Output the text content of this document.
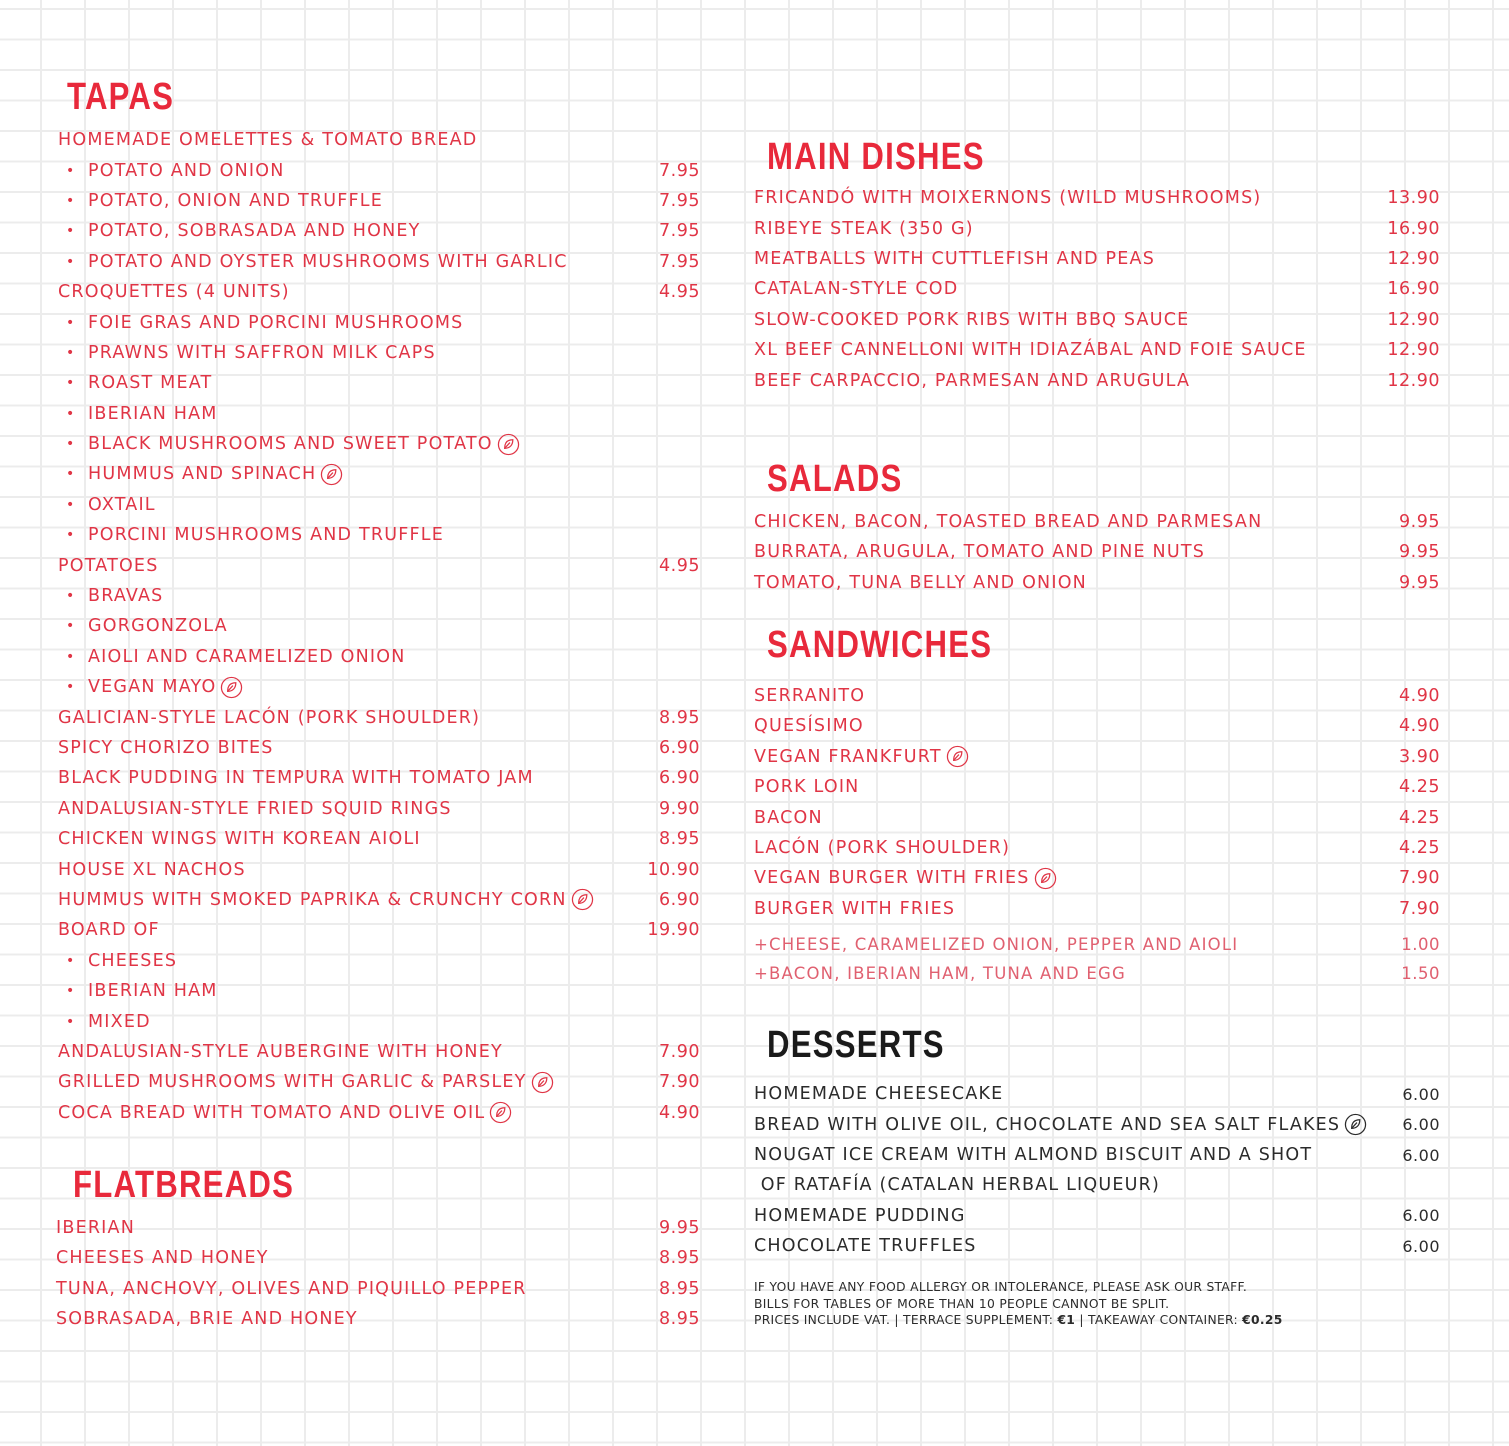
TAPAS
HOMEMADE OMELETTES & TOMATO BREAD
• POTATO AND ONION	7.95
• POTATO, ONION AND TRUFFLE	7.95
• POTATO, SOBRASADA AND HONEY	7.95
• POTATO AND OYSTER MUSHROOMS WITH GARLIC	7.95
CROQUETTES (4 UNITS)	4.95
• FOIE GRAS AND PORCINI MUSHROOMS
• PRAWNS WITH SAFFRON MILK CAPS
• ROAST MEAT
• IBERIAN HAM
• BLACK MUSHROOMS AND SWEET POTATO
• HUMMUS AND SPINACH
• OXTAIL
• PORCINI MUSHROOMS AND TRUFFLE
POTATOES	4.95
• BRAVAS
• GORGONZOLA
• AIOLI AND CARAMELIZED ONION
• VEGAN MAYO
GALICIAN-STYLE LACÓN (PORK SHOULDER)	8.95
SPICY CHORIZO BITES	6.90
BLACK PUDDING IN TEMPURA WITH TOMATO JAM	6.90
ANDALUSIAN-STYLE FRIED SQUID RINGS	9.90
CHICKEN WINGS WITH KOREAN AIOLI	8.95
HOUSE XL NACHOS	10.90
HUMMUS WITH SMOKED PAPRIKA & CRUNCHY CORN	6.90
BOARD OF	19.90
• CHEESES
• IBERIAN HAM
• MIXED
ANDALUSIAN-STYLE AUBERGINE WITH HONEY	7.90
GRILLED MUSHROOMS WITH GARLIC & PARSLEY	7.90
COCA BREAD WITH TOMATO AND OLIVE OIL	4.90
FLATBREADS
IBERIAN	9.95
CHEESES AND HONEY	8.95
TUNA, ANCHOVY, OLIVES AND PIQUILLO PEPPER	8.95
SOBRASADA, BRIE AND HONEY	8.95
MAIN DISHES
FRICANDÓ WITH MOIXERNONS (WILD MUSHROOMS)	13.90
RIBEYE STEAK (350 G)	16.90
MEATBALLS WITH CUTTLEFISH AND PEAS	12.90
CATALAN-STYLE COD	16.90
SLOW-COOKED PORK RIBS WITH BBQ SAUCE	12.90
XL BEEF CANNELLONI WITH IDIAZÁBAL AND FOIE SAUCE	12.90
BEEF CARPACCIO, PARMESAN AND ARUGULA	12.90
SALADS
CHICKEN, BACON, TOASTED BREAD AND PARMESAN	9.95
BURRATA, ARUGULA, TOMATO AND PINE NUTS	9.95
TOMATO, TUNA BELLY AND ONION	9.95
SANDWICHES
SERRANITO	4.90
QUESÍSIMO	4.90
VEGAN FRANKFURT	3.90
PORK LOIN	4.25
BACON	4.25
LACÓN (PORK SHOULDER)	4.25
VEGAN BURGER WITH FRIES	7.90
BURGER WITH FRIES	7.90
+CHEESE, CARAMELIZED ONION, PEPPER AND AIOLI	1.00
+BACON, IBERIAN HAM, TUNA AND EGG	1.50
DESSERTS
HOMEMADE CHEESECAKE	6.00
BREAD WITH OLIVE OIL, CHOCOLATE AND SEA SALT FLAKES	6.00
NOUGAT ICE CREAM WITH ALMOND BISCUIT AND A SHOT	6.00
OF RATAFÍA (CATALAN HERBAL LIQUEUR)
HOMEMADE PUDDING	6.00
CHOCOLATE TRUFFLES	6.00
IF YOU HAVE ANY FOOD ALLERGY OR INTOLERANCE, PLEASE ASK OUR STAFF.
BILLS FOR TABLES OF MORE THAN 10 PEOPLE CANNOT BE SPLIT.
PRICES INCLUDE VAT. | TERRACE SUPPLEMENT: €1 | TAKEAWAY CONTAINER: €0.25
